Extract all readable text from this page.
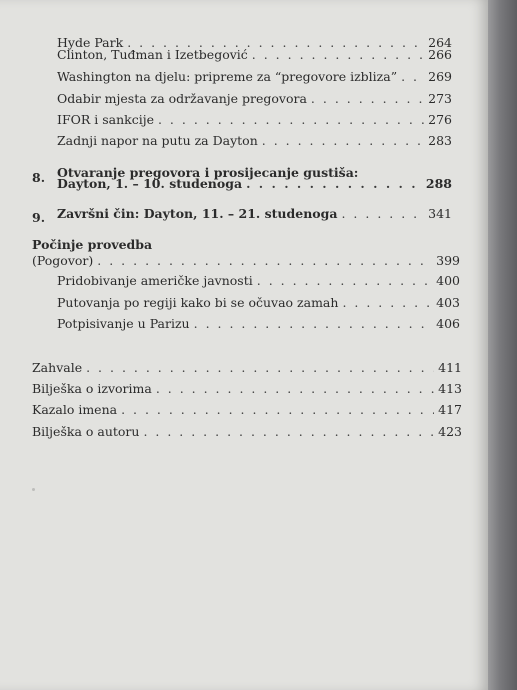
Hyde Park . . .	264
Clinton, Tuđman i Izetbegović . . .	266
Washington na djelu: pripreme za “pregovore izbliza” . . . 269
Odabir mjesta za održavanje pregovora . . .	273
IFOR i sankcije . . .	276
Zadnji napor na putu za Dayton . . .	283
8. Otvaranje pregovora i prosijecanje gustiša:
Dayton, 1. – 10. studenoga . . .	288
9. Završni čin: Dayton, 11. – 21. studenoga . . .	341
Počinje provedba
(Pogovor) . . .	399
Pridobivanje američke javnosti . . .	400
Putovanja po regiji kako bi se očuvao zamah . . .	403
Potpisivanje u Parizu . . .	406
Zahvale . . .	411
Bilješka o izvorima . . .	413
Kazalo imena . . .	417
Bilješka o autoru . . .	423
